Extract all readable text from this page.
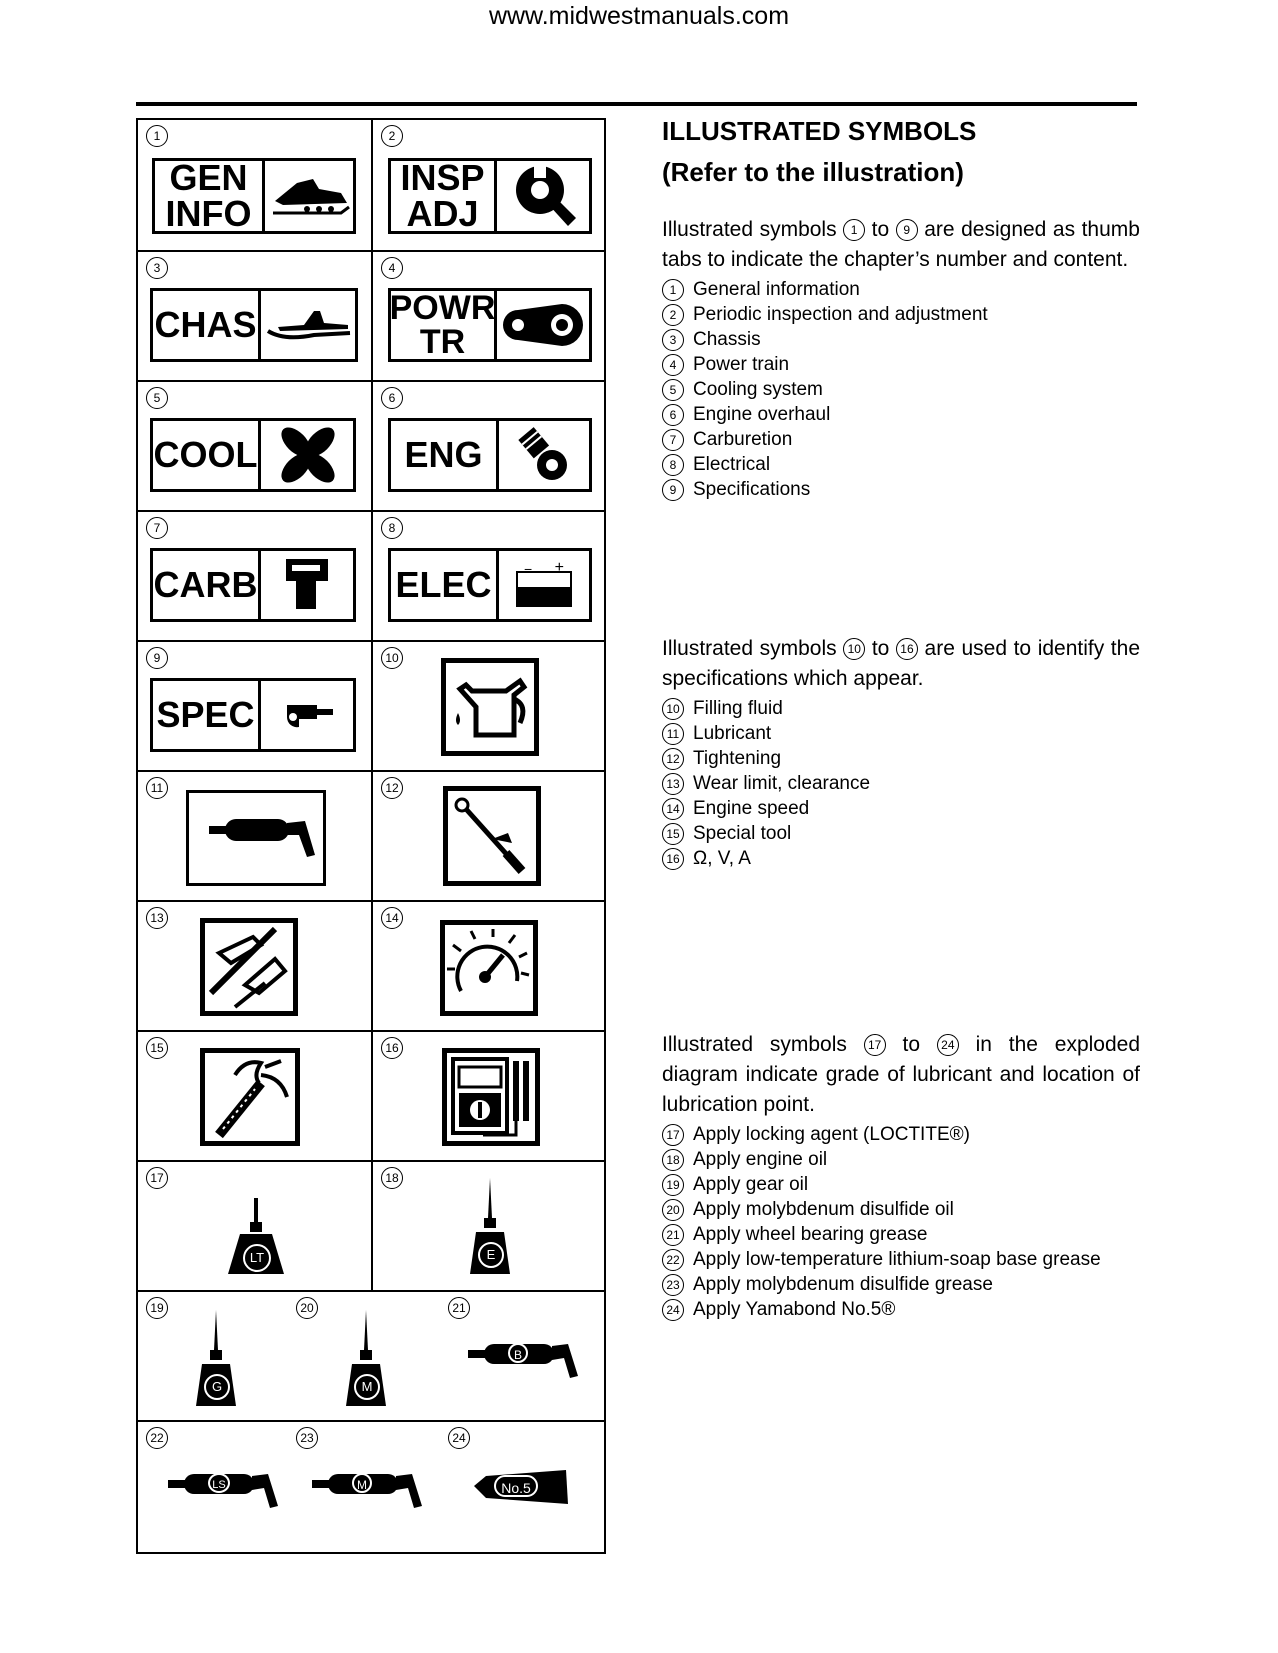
www.midwestmanuals.com
1
GEN
INFO
2
INSP
ADJ
3
CHAS
4
POWR
TR
5
COOL
6
ENG
7
CARB
8
ELEC − +
9
SPEC
10
11	12
13	14
15	16
17
LT
18
E
19
G
20
M
21
B
22
LS
23
M
24
No.5
ILLUSTRATED SYMBOLS
(Refer to the illustration)
Illustrated symbols 1 to 9 are designed as thumb tabs to indicate the chapter’s number and content.
1 General information
2 Periodic inspection and adjustment
3 Chassis
4 Power train
5 Cooling system
6 Engine overhaul
7 Carburetion
8 Electrical
9 Specifications
Illustrated symbols 10 to 16 are used to identify the specifications which appear.
10 Filling fluid
11 Lubricant
12 Tightening
13 Wear limit, clearance
14 Engine speed
15 Special tool
16 Ω, V, A
Illustrated symbols 17 to 24 in the exploded diagram indicate grade of lubricant and location of lubrication point.
17 Apply locking agent (LOCTITE®)
18 Apply engine oil
19 Apply gear oil
20 Apply molybdenum disulfide oil
21 Apply wheel bearing grease
22 Apply low-temperature lithium-soap base grease
23 Apply molybdenum disulfide grease
24 Apply Yamabond No.5®
